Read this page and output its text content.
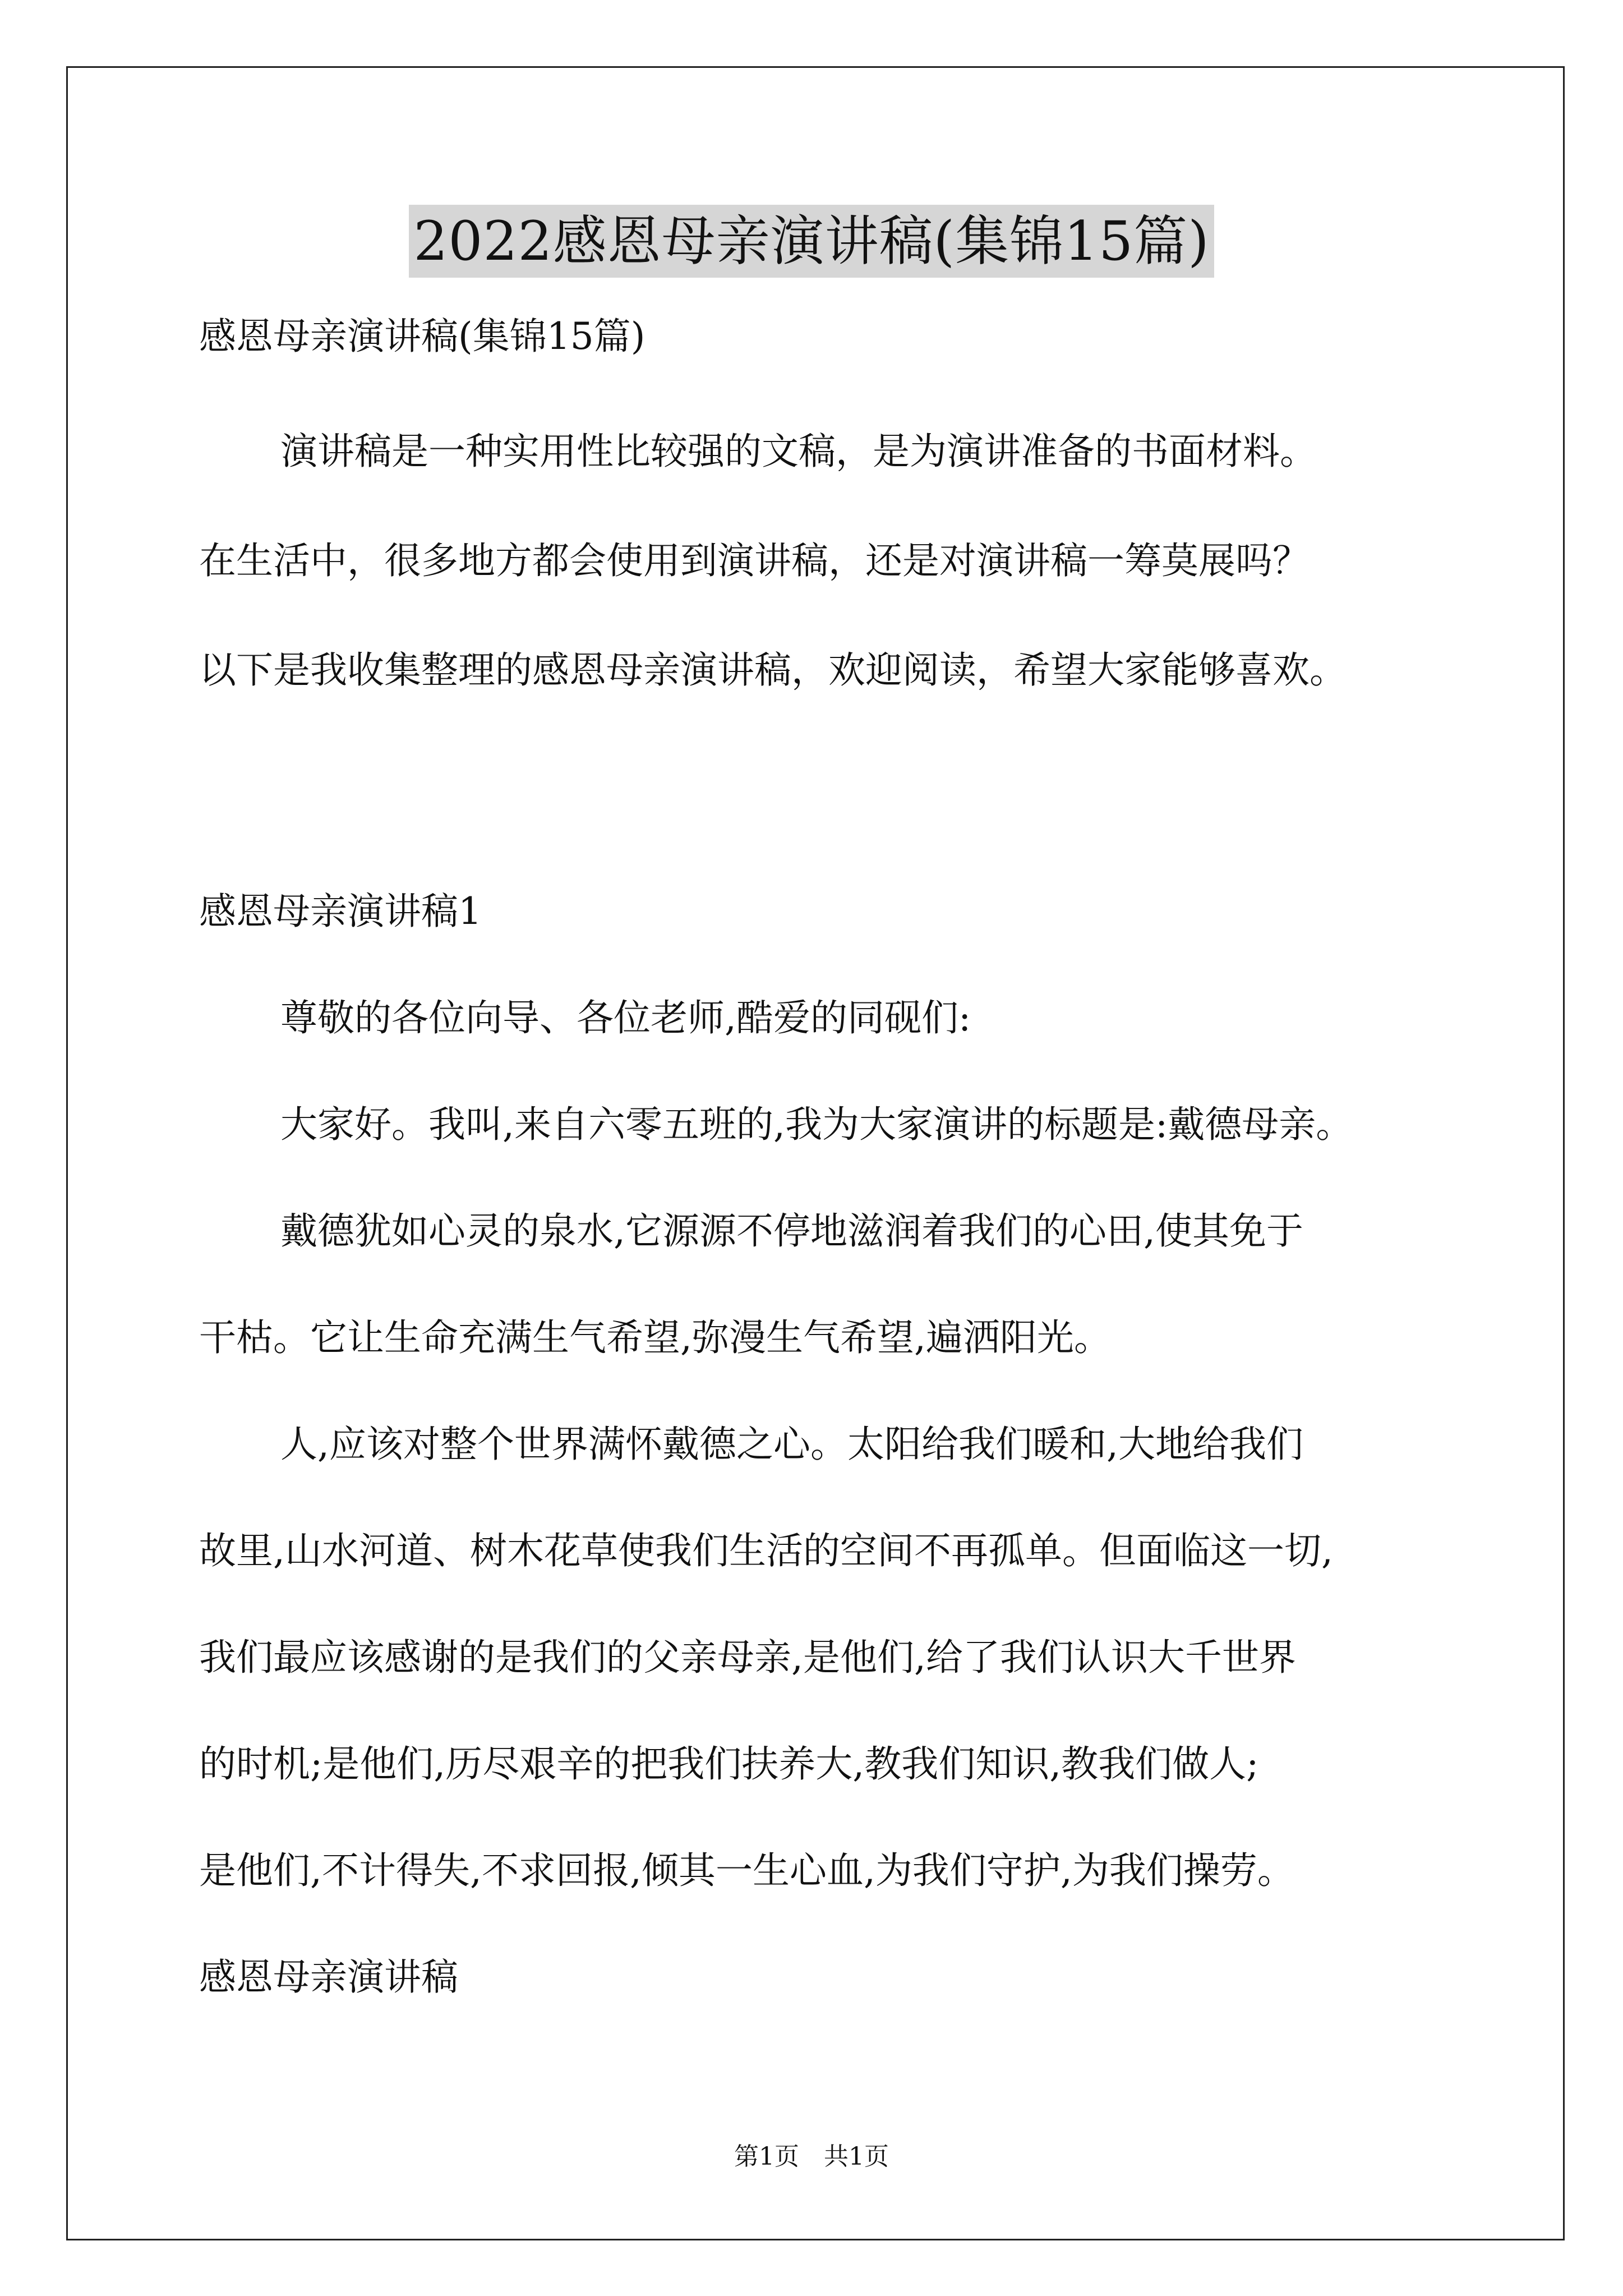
2022感恩母亲演讲稿(集锦15篇)
感恩母亲演讲稿(集锦15篇)
演讲稿是一种实用性比较强的文稿，是为演讲准备的书面材料。
在生活中，很多地方都会使用到演讲稿，还是对演讲稿一筹莫展吗？
以下是我收集整理的感恩母亲演讲稿，欢迎阅读，希望大家能够喜欢。
感恩母亲演讲稿1
尊敬的各位向导、各位老师,酷爱的同砚们:
大家好。我叫,来自六零五班的,我为大家演讲的标题是:戴德母亲。
戴德犹如心灵的泉水,它源源不停地滋润着我们的心田,使其免于
干枯。它让生命充满生气希望,弥漫生气希望,遍洒阳光。
人,应该对整个世界满怀戴德之心。太阳给我们暖和,大地给我们
故里,山水河道、树木花草使我们生活的空间不再孤单。但面临这一切,
我们最应该感谢的是我们的父亲母亲,是他们,给了我们认识大千世界
的时机;是他们,历尽艰辛的把我们扶养大,教我们知识,教我们做人;
是他们,不计得失,不求回报,倾其一生心血,为我们守护,为我们操劳。
感恩母亲演讲稿
第1页　共1页
